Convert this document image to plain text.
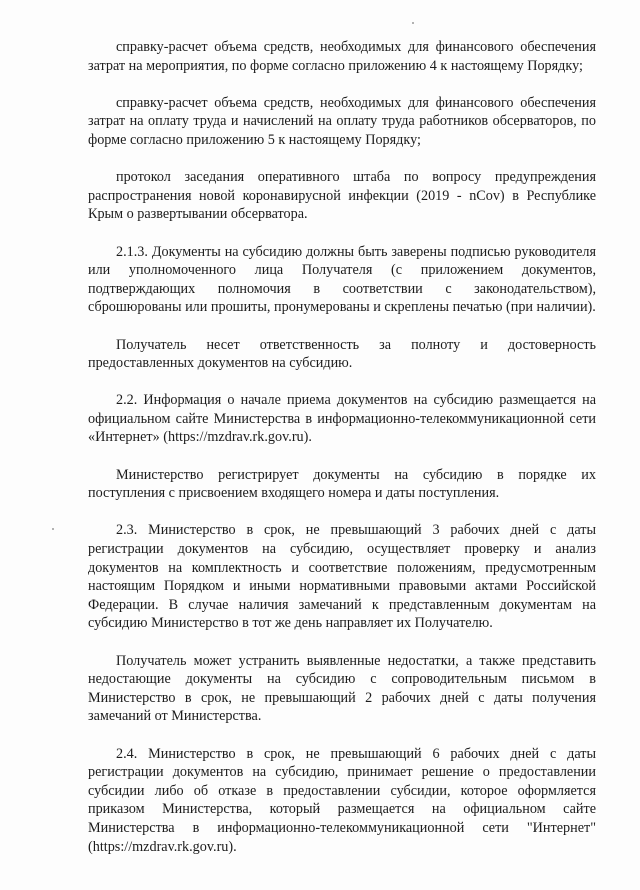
справку-расчет объема средств, необходимых для финансового обеспечения затрат на мероприятия, по форме согласно приложению 4 к настоящему Порядку;

справку-расчет объема средств, необходимых для финансового обеспечения затрат на оплату труда и начислений на оплату труда работников обсерваторов, по форме согласно приложению 5 к настоящему Порядку;

протокол заседания оперативного штаба по вопросу предупреждения распространения новой коронавирусной инфекции (2019 - nCov) в Республике Крым о развертывании обсерватора.

2.1.3. Документы на субсидию должны быть заверены подписью руководителя или уполномоченного лица Получателя (с приложением документов, подтверждающих полномочия в соответствии с законодательством), сброшюрованы или прошиты, пронумерованы и скреплены печатью (при наличии).

Получатель несет ответственность за полноту и достоверность предоставленных документов на субсидию.

2.2. Информация о начале приема документов на субсидию размещается на официальном сайте Министерства в информационно-телекоммуникационной сети «Интернет» (https://mzdrav.rk.gov.ru).

Министерство регистрирует документы на субсидию в порядке их поступления с присвоением входящего номера и даты поступления.

2.3. Министерство в срок, не превышающий 3 рабочих дней с даты регистрации документов на субсидию, осуществляет проверку и анализ документов на комплектность и соответствие положениям, предусмотренным настоящим Порядком и иными нормативными правовыми актами Российской Федерации. В случае наличия замечаний к представленным документам на субсидию Министерство в тот же день направляет их Получателю.

Получатель может устранить выявленные недостатки, а также представить недостающие документы на субсидию с сопроводительным письмом в Министерство в срок, не превышающий 2 рабочих дней с даты получения замечаний от Министерства.

2.4. Министерство в срок, не превышающий 6 рабочих дней с даты регистрации документов на субсидию, принимает решение о предоставлении субсидии либо об отказе в предоставлении субсидии, которое оформляется приказом Министерства, который размещается на официальном сайте Министерства в информационно-телекоммуникационной сети "Интернет" (https://mzdrav.rk.gov.ru).
